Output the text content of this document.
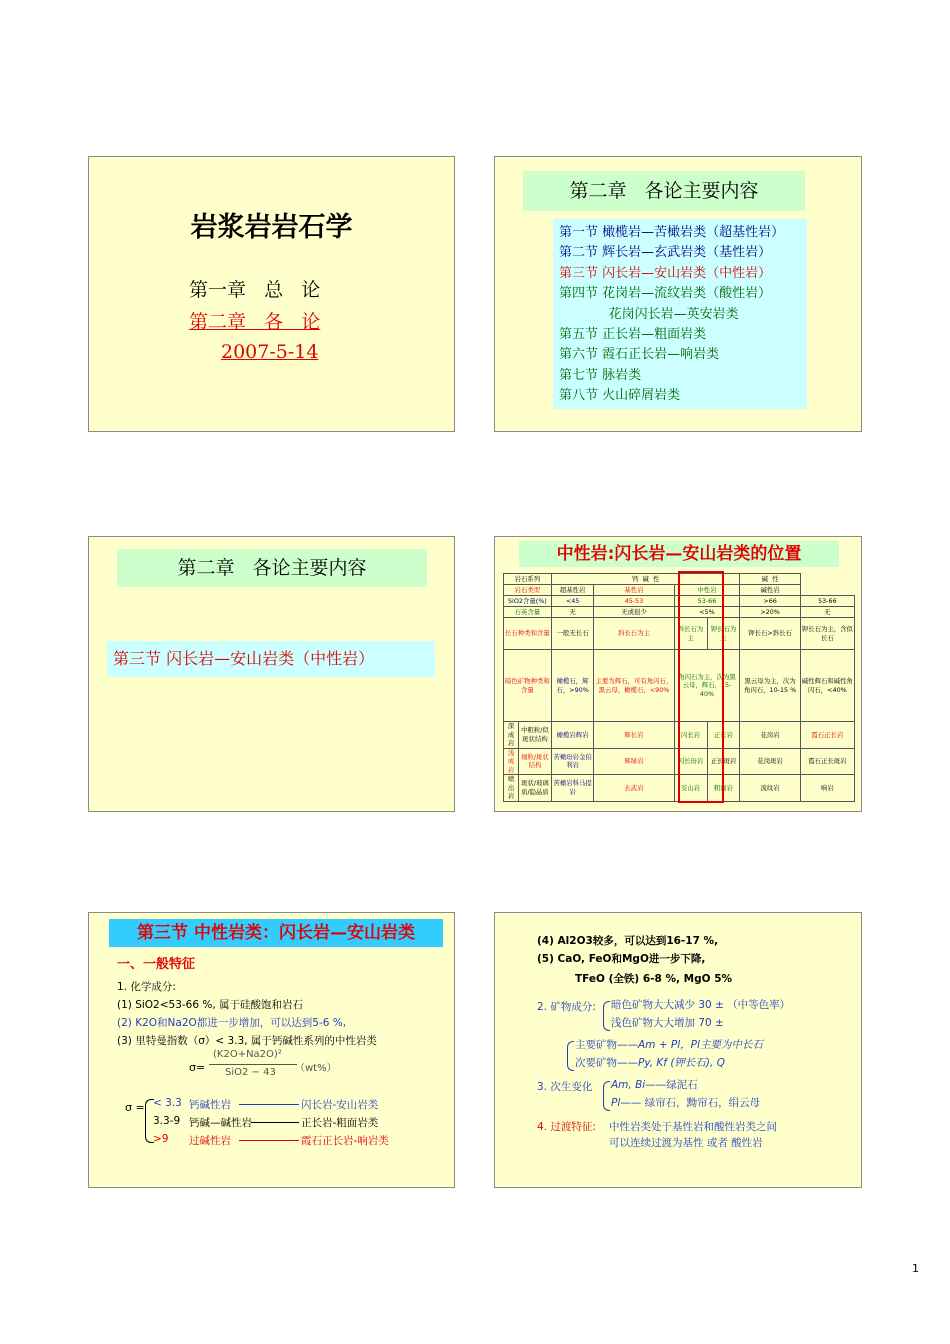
岩浆岩岩石学
第一章   总   论
第二章   各   论
2007-5-14
第二章   各论主要内容
第一节 橄榄岩—苦橄岩类（超基性岩）
第二节 辉长岩—玄武岩类（基性岩）
第三节 闪长岩—安山岩类（中性岩）
第四节 花岗岩—流纹岩类（酸性岩）
花岗闪长岩—英安岩类
第五节 正长岩—粗面岩类
第六节 霞石正长岩—响岩类
第七节 脉岩类
第八节 火山碎屑岩类
第二章   各论主要内容
第三节 闪长岩—安山岩类（中性岩）
中性岩:闪长岩—安山岩类的位置
岩石系列		钙  碱  性				碱  性	
岩石类型		超基性岩	基性岩	中性岩		碱性岩	
SiO2含量(%)		<45	45-53	53-66		>66	53-66
石英含量		无	无或很少	<5%		>20%	无
长石种类和含量		一般无长石	斜长石为主	斜长石为主	钾长石为主	钾长石>斜长石	钾长石为主，含似长石
暗色矿物种类和含量		橄榄石，辉石，>90%	主要为辉石，可有角闪石，黑云母，橄榄石，<90%	角闪石为主，次为黑云母，辉石，15-40%		黑云母为主，次为角闪石，10-15 %	碱性辉石和碱性角闪石，<40%
深成岩	中粗粒/似斑状结构	橄榄岩辉岩	辉长岩	闪长岩	正长岩	花岗岩	霞石正长岩
浅成岩	细粒/斑状结构	苦橄玢岩金伯利岩	辉绿岩	闪长玢岩	正长斑岩	花岗斑岩	霞石正长斑岩
喷出岩	斑状/玻璃质/隐晶质	苦橄岩科马提岩	玄武岩	安山岩	粗面岩	流纹岩	响岩
第三节 中性岩类：闪长岩—安山岩类
一、一般特征
1. 化学成分:
(1) SiO2<53-66 %, 属于硅酸饱和岩石
(2) K2O和Na2O都进一步增加，可以达到5-6 %,
(3) 里特曼指数（σ）< 3.3, 属于钙碱性系列的中性岩类
σ=
(K2O+Na2O)²
SiO2 − 43 （wt%）
σ = < 3.3 钙碱性岩	闪长岩-安山岩类
3.3-9 钙碱—碱性岩	正长岩-粗面岩类
>9 过碱性岩	霞石正长岩-响岩类
(4) Al2O3较多，可以达到16-17 %,
(5) CaO, FeO和MgO进一步下降,
TFeO (全铁) 6-8 %, MgO 5%
2. 矿物成分: 暗色矿物大大减少 30 ± （中等色率）
浅色矿物大大增加 70 ±
主要矿物——Am + Pl，Pl主要为中长石
次要矿物——Py, Kf (钾长石), Q
3. 次生变化 Am, Bi——绿泥石
Pl—— 绿帘石，黝帘石，绢云母
4. 过渡特征: 中性岩类处于基性岩和酸性岩类之间
可以连续过渡为基性 或者 酸性岩
1
